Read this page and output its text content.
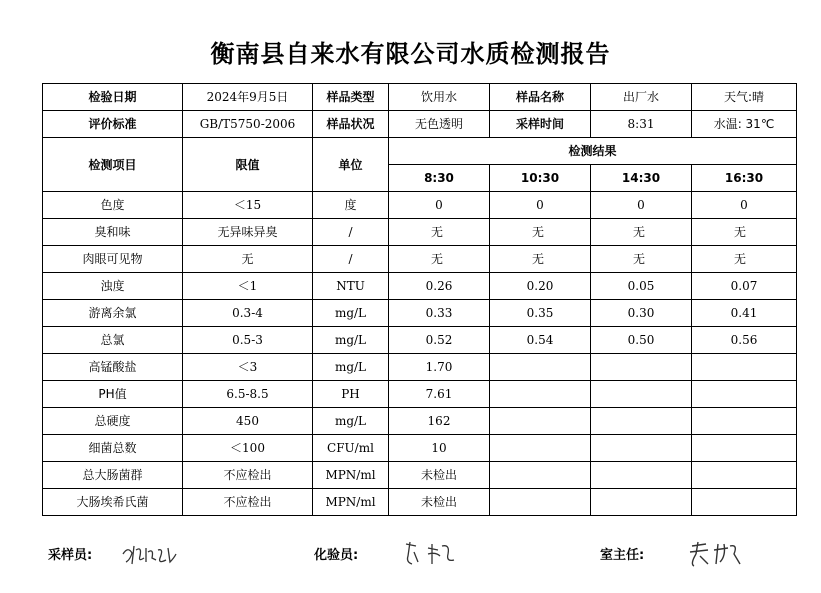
衡南县自来水有限公司水质检测报告
检验日期	2024年9月5日	样品类型	饮用水	样品名称	出厂水	天气:晴
评价标准	GB/T5750-2006	样品状况	无色透明	采样时间	8:31	水温: 31℃
检测项目	限值	单位	检测结果			
			8:30	10:30	14:30	16:30
色度	＜15	度	0	0	0	0
臭和味	无异味异臭	/	无	无	无	无
肉眼可见物	无	/	无	无	无	无
浊度	＜1	NTU	0.26	0.20	0.05	0.07
游离余氯	0.3-4	mg/L	0.33	0.35	0.30	0.41
总氯	0.5-3	mg/L	0.52	0.54	0.50	0.56
高锰酸盐	＜3	mg/L	1.70			
PH值	6.5-8.5	PH	7.61			
总硬度	450	mg/L	162			
细菌总数	＜100	CFU/ml	10			
总大肠菌群	不应检出	MPN/ml	未检出			
大肠埃希氏菌	不应检出	MPN/ml	未检出			
采样员:	化验员:	室主任:
